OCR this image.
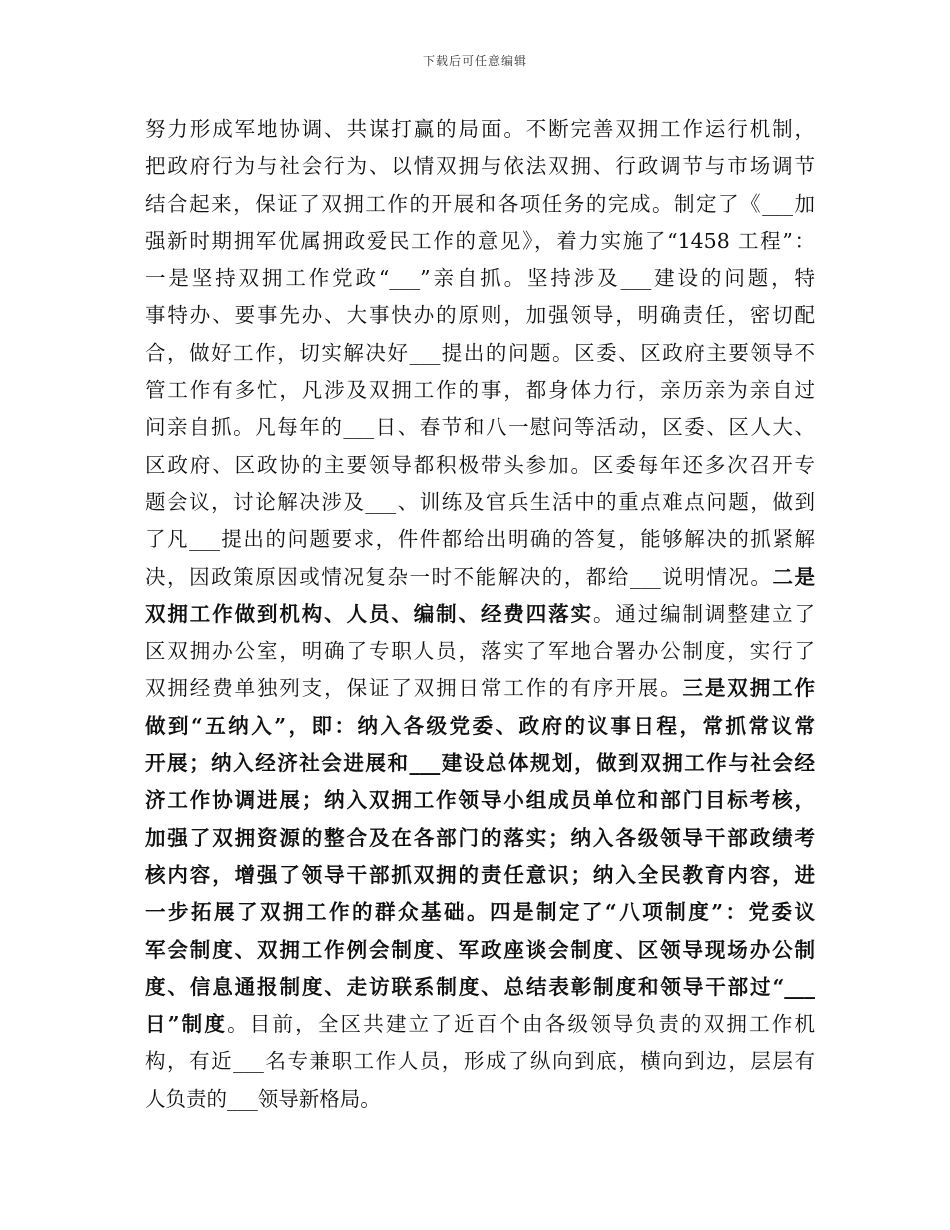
下载后可任意编辑
努力形成军地协调、共谋打赢的局面。不断完善双拥工作运行机制，
把政府行为与社会行为、以情双拥与依法双拥、行政调节与市场调节
结合起来，保证了双拥工作的开展和各项任务的完成。制定了《___加
强新时期拥军优属拥政爱民工作的意见》，着力实施了“1458 工程”：
一是坚持双拥工作党政“___”亲自抓。坚持涉及___建设的问题，特
事特办、要事先办、大事快办的原则，加强领导，明确责任，密切配
合，做好工作，切实解决好___提出的问题。区委、区政府主要领导不
管工作有多忙，凡涉及双拥工作的事，都身体力行，亲历亲为亲自过
问亲自抓。凡每年的___日、春节和八一慰问等活动，区委、区人大、
区政府、区政协的主要领导都积极带头参加。区委每年还多次召开专
题会议，讨论解决涉及___、训练及官兵生活中的重点难点问题，做到
了凡___提出的问题要求，件件都给出明确的答复，能够解决的抓紧解
决，因政策原因或情况复杂一时不能解决的，都给___说明情况。二是
双拥工作做到机构、人员、编制、经费四落实。通过编制调整建立了
区双拥办公室，明确了专职人员，落实了军地合署办公制度，实行了
双拥经费单独列支，保证了双拥日常工作的有序开展。三是双拥工作
做到“五纳入”，即：纳入各级党委、政府的议事日程，常抓常议常
开展；纳入经济社会进展和___建设总体规划，做到双拥工作与社会经
济工作协调进展；纳入双拥工作领导小组成员单位和部门目标考核，
加强了双拥资源的整合及在各部门的落实；纳入各级领导干部政绩考
核内容，增强了领导干部抓双拥的责任意识；纳入全民教育内容，进
一步拓展了双拥工作的群众基础。四是制定了“八项制度”：党委议
军会制度、双拥工作例会制度、军政座谈会制度、区领导现场办公制
度、信息通报制度、走访联系制度、总结表彰制度和领导干部过“___
日”制度。目前，全区共建立了近百个由各级领导负责的双拥工作机
构，有近___名专兼职工作人员，形成了纵向到底，横向到边，层层有
人负责的___领导新格局。
